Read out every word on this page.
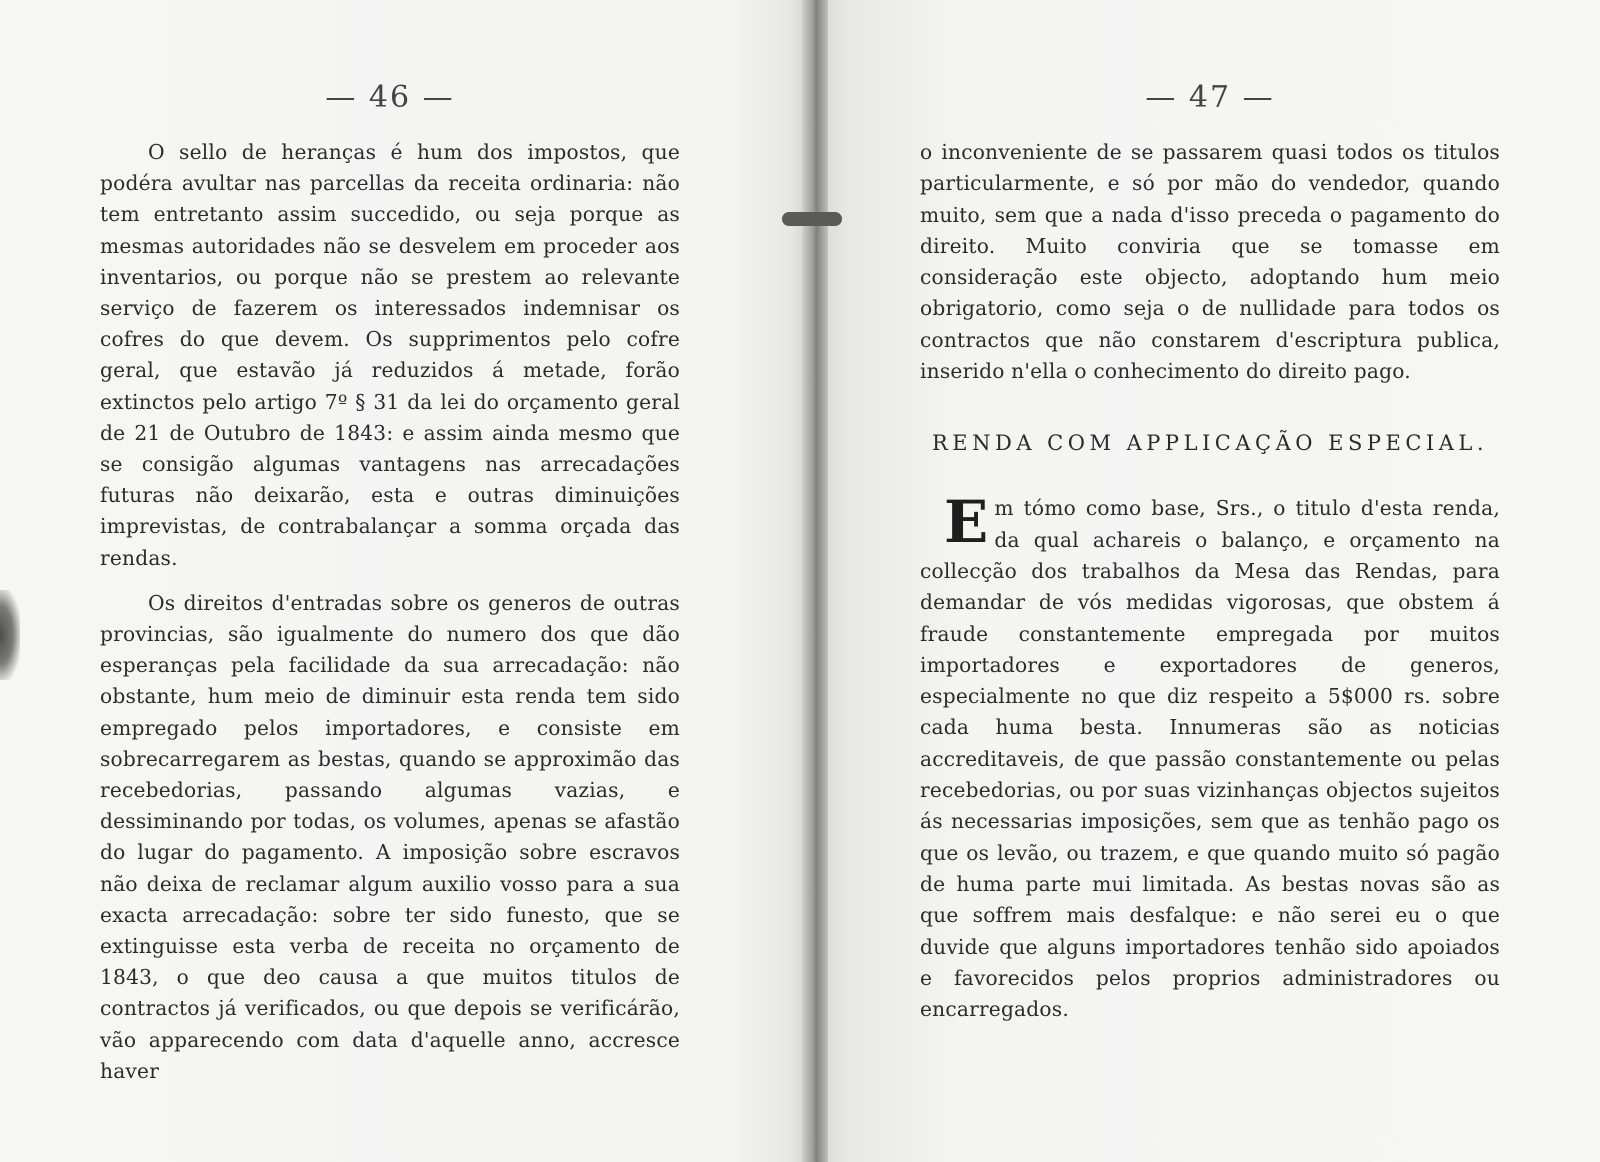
— 46 —

O sello de heranças é hum dos impostos, que podéra avultar nas parcellas da receita ordinaria: não tem entretanto assim succedido, ou seja porque as mesmas autoridades não se desvelem em proceder aos inventarios, ou porque não se prestem ao relevante serviço de fazerem os interessados indemnisar os cofres do que devem. Os supprimentos pelo cofre geral, que estavão já reduzidos á metade, forão extinctos pelo artigo 7º § 31 da lei do orçamento geral de 21 de Outubro de 1843: e assim ainda mesmo que se consigão algumas vantagens nas arrecadações futuras não deixarão, esta e outras diminuições imprevistas, de contrabalançar a somma orçada das rendas.

Os direitos d'entradas sobre os generos de outras provincias, são igualmente do numero dos que dão esperanças pela facilidade da sua arrecadação: não obstante, hum meio de diminuir esta renda tem sido empregado pelos importadores, e consiste em sobrecarregarem as bestas, quando se approximão das recebedorias, passando algumas vazias, e dessiminando por todas, os volumes, apenas se afastão do lugar do pagamento. A imposição sobre escravos não deixa de reclamar algum auxilio vosso para a sua exacta arrecadação: sobre ter sido funesto, que se extinguisse esta verba de receita no orçamento de 1843, o que deo causa a que muitos titulos de contractos já verificados, ou que depois se verificárão, vão apparecendo com data d'aquelle anno, accresce haver

— 47 —

o inconveniente de se passarem quasi todos os titulos particularmente, e só por mão do vendedor, quando muito, sem que a nada d'isso preceda o pagamento do direito. Muito conviria que se tomasse em consideração este objecto, adoptando hum meio obrigatorio, como seja o de nullidade para todos os contractos que não constarem d'escriptura publica, inserido n'ella o conhecimento do direito pago.

RENDA COM APPLICAÇÃO ESPECIAL.

Em tómo como base, Srs., o titulo d'esta renda, da qual achareis o balanço, e orçamento na collecção dos trabalhos da Mesa das Rendas, para demandar de vós medidas vigorosas, que obstem á fraude constantemente empregada por muitos importadores e exportadores de generos, especialmente no que diz respeito a 5$000 rs. sobre cada huma besta. Innumeras são as noticias accreditaveis, de que passão constantemente ou pelas recebedorias, ou por suas vizinhanças objectos sujeitos ás necessarias imposições, sem que as tenhão pago os que os levão, ou trazem, e que quando muito só pagão de huma parte mui limitada. As bestas novas são as que soffrem mais desfalque: e não serei eu o que duvide que alguns importadores tenhão sido apoiados e favorecidos pelos proprios administradores ou encarregados.
